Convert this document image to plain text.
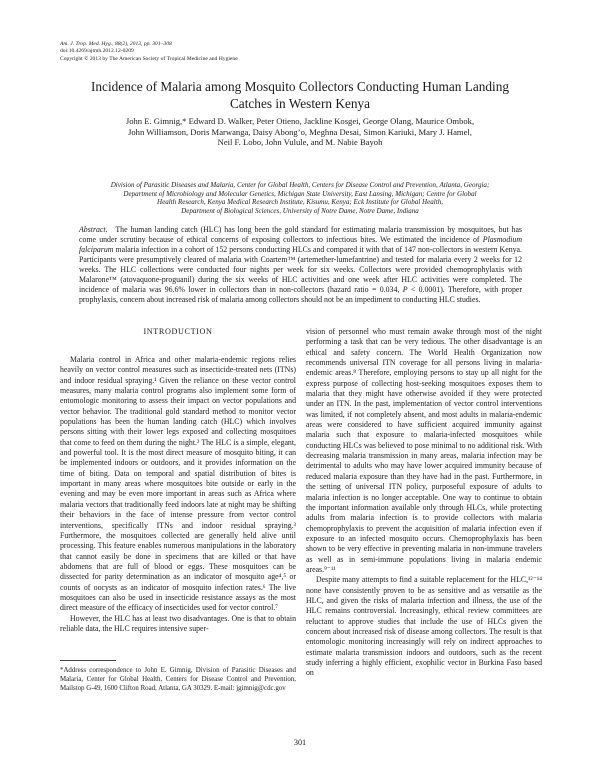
Am. J. Trop. Med. Hyg., 88(2), 2013, pp. 301–308
doi:10.4269/ajtmh.2012.12-0209
Copyright © 2013 by The American Society of Tropical Medicine and Hygiene
Incidence of Malaria among Mosquito Collectors Conducting Human Landing
Catches in Western Kenya
John E. Gimnig,* Edward D. Walker, Peter Otieno, Jackline Kosgei, George Olang, Maurice Ombok,
John Williamson, Doris Marwanga, Daisy Abong’o, Meghna Desai, Simon Kariuki, Mary J. Hamel,
Neil F. Lobo, John Vulule, and M. Nabie Bayoh
Division of Parasitic Diseases and Malaria, Center for Global Health, Centers for Disease Control and Prevention, Atlanta, Georgia;
Department of Microbiology and Molecular Genetics, Michigan State University, East Lansing, Michigan; Centre for Global
Health Research, Kenya Medical Research Institute, Kisumu, Kenya; Eck Institute for Global Health,
Department of Biological Sciences, University of Notre Dame, Notre Dame, Indiana
Abstract.  The human landing catch (HLC) has long been the gold standard for estimating malaria transmission by mosquitoes, but has come under scrutiny because of ethical concerns of exposing collectors to infectious bites. We estimated the incidence of Plasmodium falciparum malaria infection in a cohort of 152 persons conducting HLCs and compared it with that of 147 non-collectors in western Kenya. Participants were presumptively cleared of malaria with Coartem™ (artemether-lumefantrine) and tested for malaria every 2 weeks for 12 weeks. The HLC collections were conducted four nights per week for six weeks. Collectors were provided chemoprophylaxis with Malarone™ (atovaquone-proguanil) during the six weeks of HLC activities and one week after HLC activities were completed. The incidence of malaria was 96.6% lower in collectors than in non-collectors (hazard ratio = 0.034, P < 0.0001). Therefore, with proper prophylaxis, concern about increased risk of malaria among collectors should not be an impediment to conducting HLC studies.
INTRODUCTION

Malaria control in Africa and other malaria-endemic regions relies heavily on vector control measures such as insecticide-treated nets (ITNs) and indoor residual spraying.¹ Given the reliance on these vector control measures, many malaria control programs also implement some form of entomologic monitoring to assess their impact on vector populations and vector behavior. The traditional gold standard method to monitor vector populations has been the human landing catch (HLC) which involves persons sitting with their lower legs exposed and collecting mosquitoes that come to feed on them during the night.² The HLC is a simple, elegant, and powerful tool. It is the most direct measure of mosquito biting, it can be implemented indoors or outdoors, and it provides information on the time of biting. Data on temporal and spatial distribution of bites is important in many areas where mosquitoes bite outside or early in the evening and may be even more important in areas such as Africa where malaria vectors that traditionally feed indoors late at night may be shifting their behaviors in the face of intense pressure from vector control interventions, specifically ITNs and indoor residual spraying.³ Furthermore, the mosquitoes collected are generally held alive until processing. This feature enables numerous manipulations in the laboratory that cannot easily be done in specimens that are killed or that have abdomens that are full of blood or eggs. These mosquitoes can be dissected for parity determination as an indicator of mosquito age⁴,⁵ or counts of oocysts as an indicator of mosquito infection rates.⁶ The live mosquitoes can also be used in insecticide resistance assays as the most direct measure of the efficacy of insecticides used for vector control.⁷

However, the HLC has at least two disadvantages. One is that to obtain reliable data, the HLC requires intensive super-

vision of personnel who must remain awake through most of the night performing a task that can be very tedious. The other disadvantage is an ethical and safety concern. The World Health Organization now recommends universal ITN coverage for all persons living in malaria-endemic areas.⁸ Therefore, employing persons to stay up all night for the express purpose of collecting host-seeking mosquitoes exposes them to malaria that they might have otherwise avoided if they were protected under an ITN. In the past, implementation of vector control interventions was limited, if not completely absent, and most adults in malaria-endemic areas were considered to have sufficient acquired immunity against malaria such that exposure to malaria-infected mosquitoes while conducting HLCs was believed to pose minimal to no additional risk. With decreasing malaria transmission in many areas, malaria infection may be detrimental to adults who may have lower acquired immunity because of reduced malaria exposure than they have had in the past. Furthermore, in the setting of universal ITN policy, purposeful exposure of adults to malaria infection is no longer acceptable. One way to continue to obtain the important information available only through HLCs, while protecting adults from malaria infection is to provide collectors with malaria chemoprophylaxis to prevent the acquisition of malaria infection even if exposure to an infected mosquito occurs. Chemoprophylaxis has been shown to be very effective in preventing malaria in non-immune travelers as well as in semi-immune populations living in malaria endemic areas.⁹⁻¹¹

Despite many attempts to find a suitable replacement for the HLC,¹²⁻¹⁴ none have consistently proven to be as sensitive and as versatile as the HLC, and given the risks of malaria infection and illness, the use of the HLC remains controversial. Increasingly, ethical review committees are reluctant to approve studies that include the use of HLCs given the concern about increased risk of disease among collectors. The result is that entomologic monitoring increasingly will rely on indirect approaches to estimate malaria transmission indoors and outdoors, such as the recent study inferring a highly efficient, exophilic vector in Burkina Faso based on

*Address correspondence to John E. Gimnig, Division of Parasitic Diseases and Malaria, Center for Global Health, Centers for Disease Control and Prevention, Mailstop G-49, 1600 Clifton Road, Atlanta, GA 30329. E-mail: jgimnig@cdc.gov
301
